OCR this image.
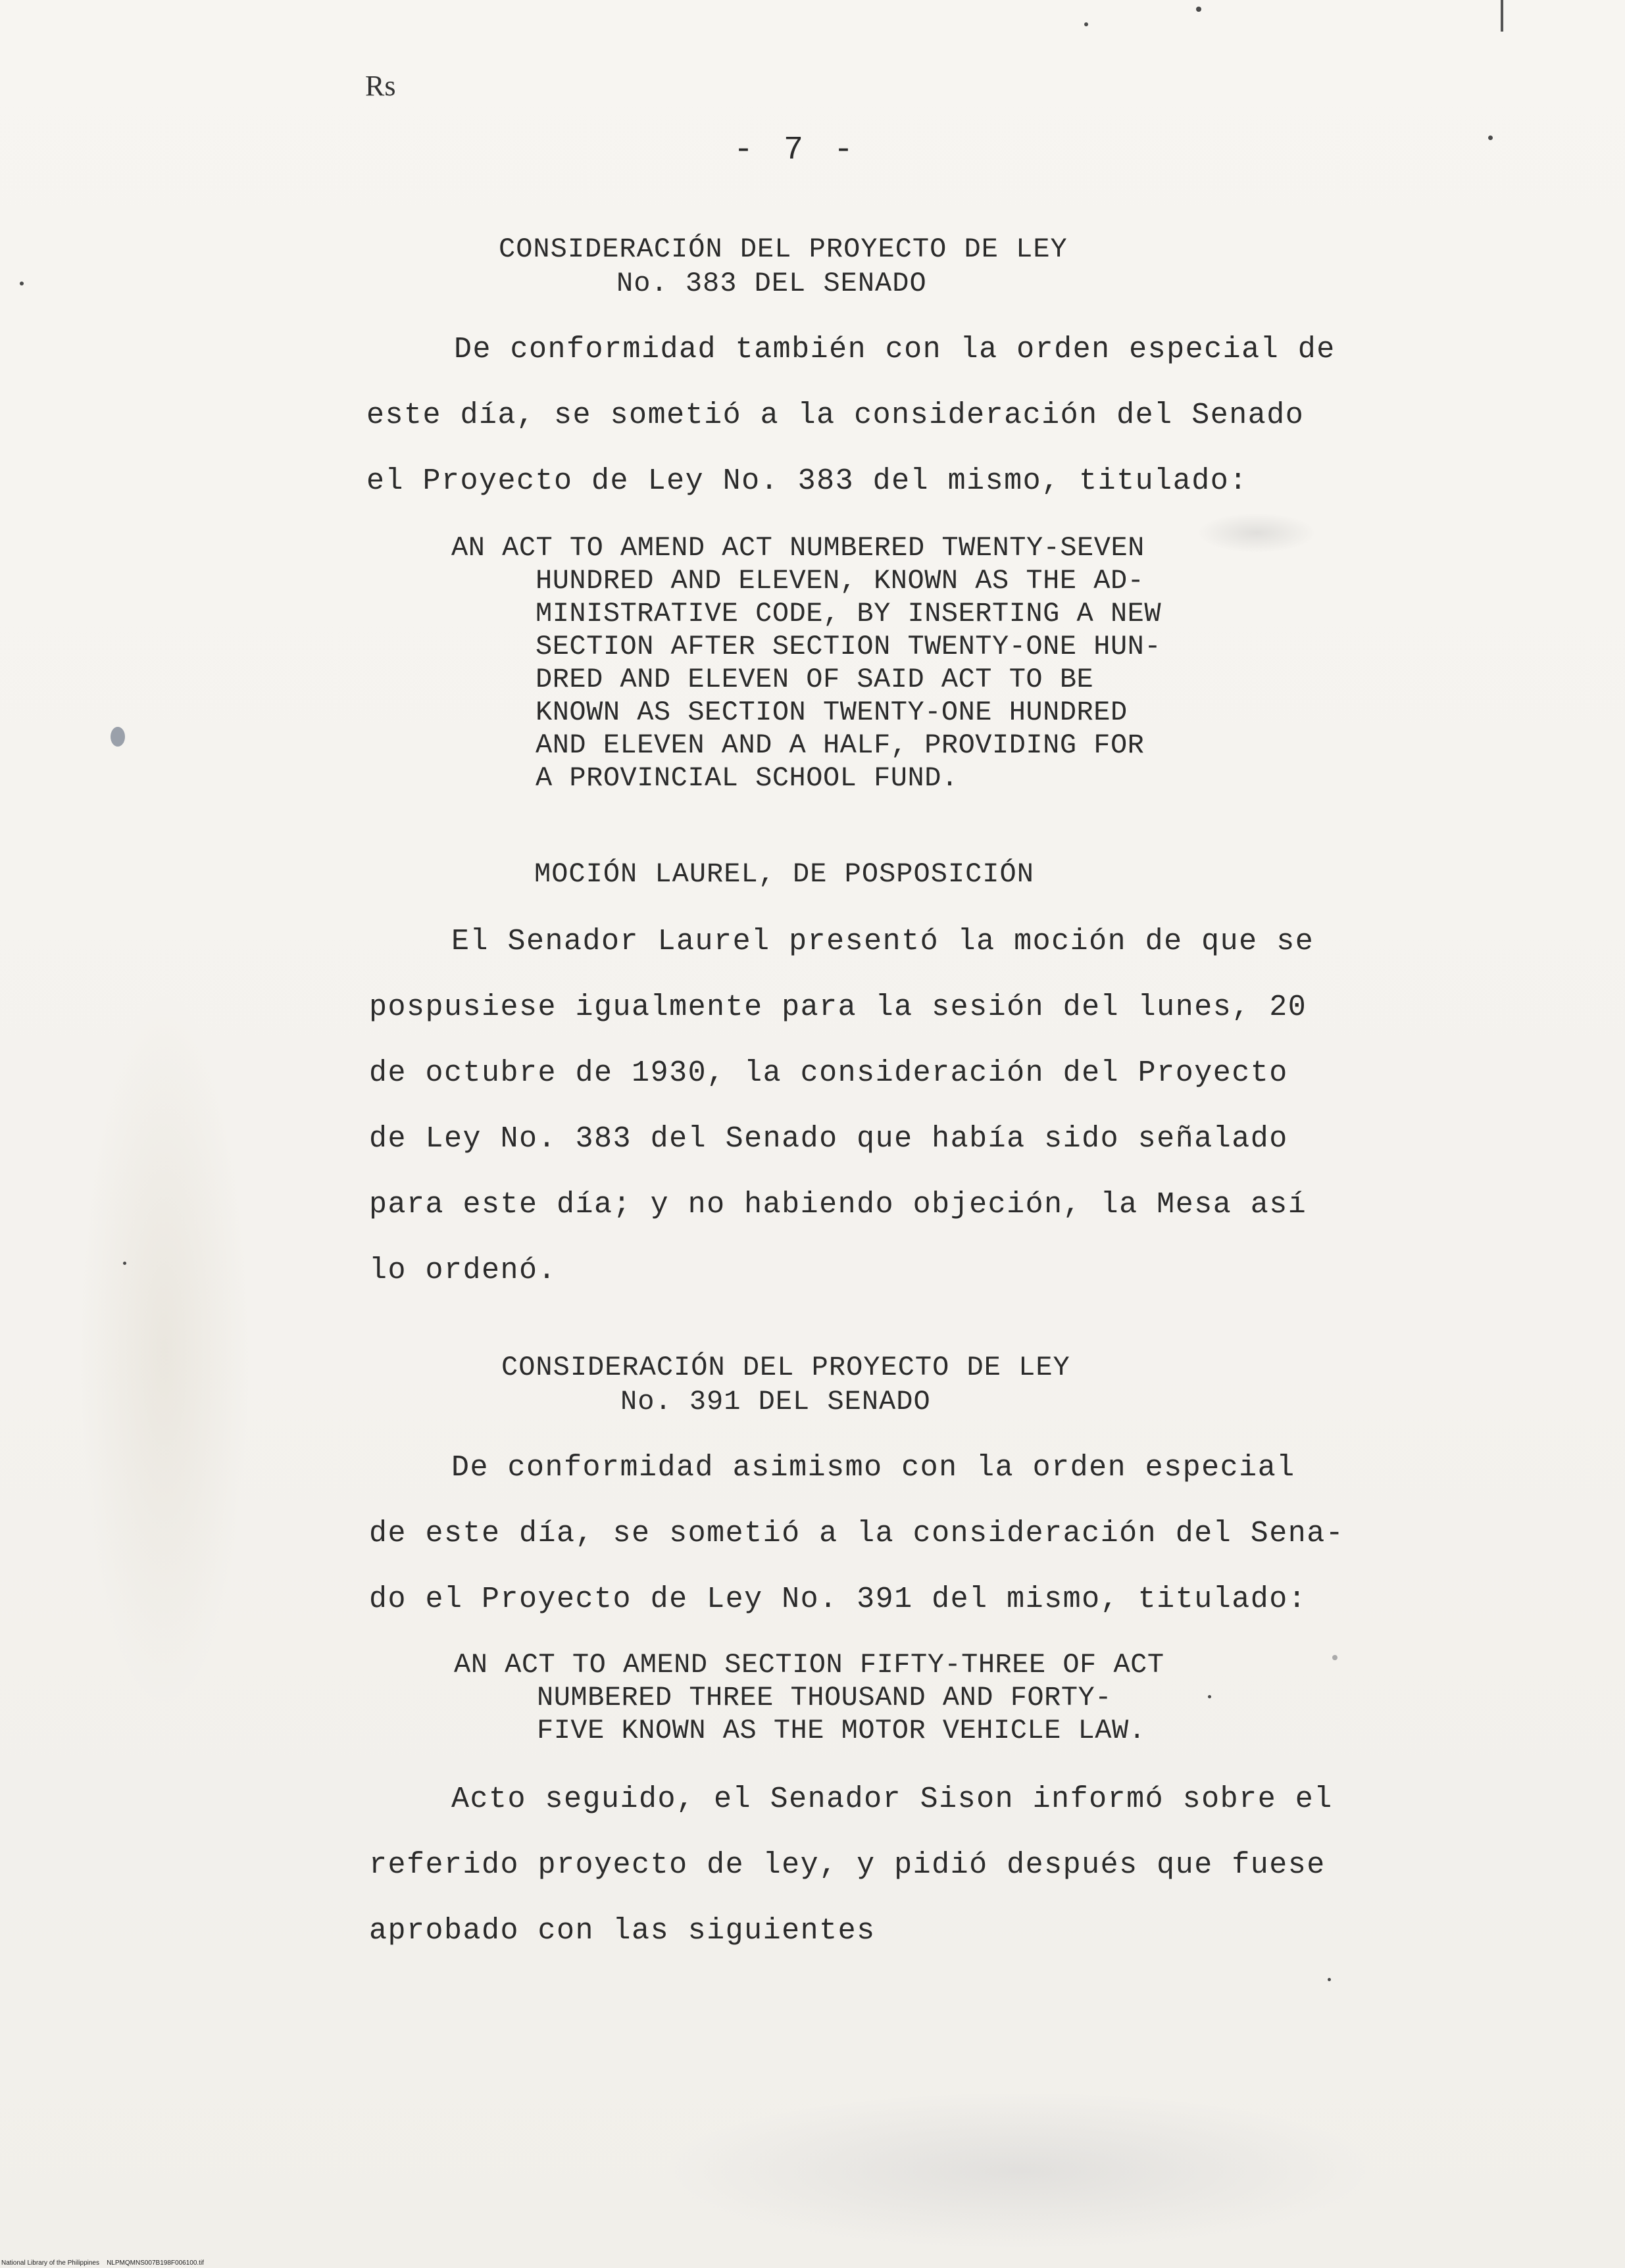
Rs
- 7 -
CONSIDERACIÓN DEL PROYECTO DE LEY
No. 383 DEL SENADO
De conformidad también con la orden especial de
este día, se sometió a la consideración del Senado
el Proyecto de Ley No. 383 del mismo, titulado:
AN ACT TO AMEND ACT NUMBERED TWENTY-SEVEN
HUNDRED AND ELEVEN, KNOWN AS THE AD-
MINISTRATIVE CODE, BY INSERTING A NEW
SECTION AFTER SECTION TWENTY-ONE HUN-
DRED AND ELEVEN OF SAID ACT TO BE
KNOWN AS SECTION TWENTY-ONE HUNDRED
AND ELEVEN AND A HALF, PROVIDING FOR
A PROVINCIAL SCHOOL FUND.
MOCIÓN LAUREL, DE POSPOSICIÓN
El Senador Laurel presentó la moción de que se
pospusiese igualmente para la sesión del lunes, 20
de octubre de 1930, la consideración del Proyecto
de Ley No. 383 del Senado que había sido señalado
para este día; y no habiendo objeción, la Mesa así
lo ordenó.
CONSIDERACIÓN DEL PROYECTO DE LEY
No. 391 DEL SENADO
De conformidad asimismo con la orden especial
de este día, se sometió a la consideración del Sena-
do el Proyecto de Ley No. 391 del mismo, titulado:
AN ACT TO AMEND SECTION FIFTY-THREE OF ACT
NUMBERED THREE THOUSAND AND FORTY-
FIVE KNOWN AS THE MOTOR VEHICLE LAW.
Acto seguido, el Senador Sison informó sobre el
referido proyecto de ley, y pidió después que fuese
aprobado con las siguientes
National Library of the Philippines    NLPMQMNS007B198F006100.tif
